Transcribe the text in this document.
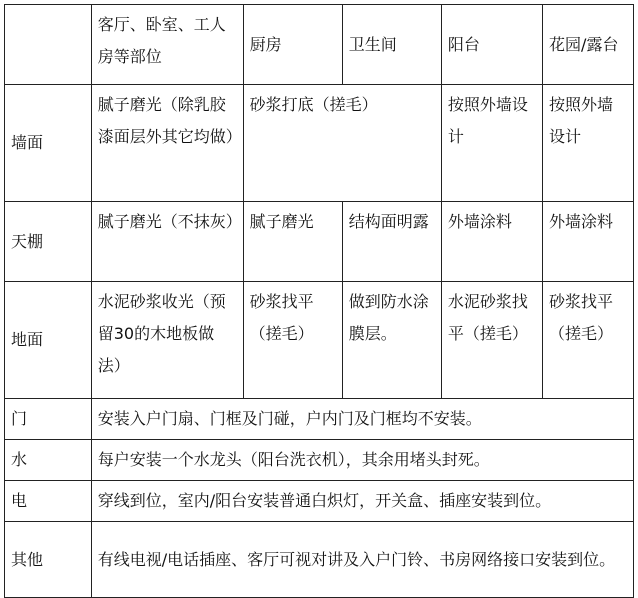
	客厅、卧室、工人房等部位	厨房	卫生间	阳台	花园/露台
墙面	腻子磨光（除乳胶漆面层外其它均做）	砂浆打底（搓毛）		按照外墙设计	按照外墙设计
天棚	腻子磨光（不抹灰）	腻子磨光	结构面明露	外墙涂料	外墙涂料
地面	水泥砂浆收光（预留30的木地板做法）	砂浆找平（搓毛）	做到防水涂膜层。	水泥砂浆找平（搓毛）	砂浆找平（搓毛）
门	安装入户门扇、门框及门碰，户内门及门框均不安装。				
水	每户安装一个水龙头（阳台洗衣机），其余用堵头封死。				
电	穿线到位，室内/阳台安装普通白炽灯，开关盒、插座安装到位。				
其他	有线电视/电话插座、客厅可视对讲及入户门铃、书房网络接口安装到位。				
